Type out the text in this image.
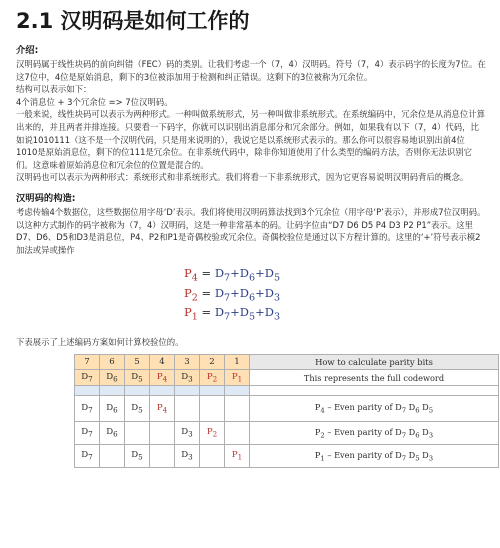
2.1 汉明码是如何工作的
介绍:

汉明码属于线性块码的前向纠错（FEC）码的类别。让我们考虑一个（7，4）汉明码。符号（7，4）表示码字的长度为7位。在这7位中，4位是原始消息，剩下的3位被添加用于检测和纠正错误。这剩下的3位被称为冗余位。

结构可以表示如下：

4个消息位 + 3个冗余位 => 7位汉明码。

一般来说，线性块码可以表示为两种形式。一种叫做系统形式，另一种叫做非系统形式。在系统编码中，冗余位是从消息位计算出来的，并且两者并排连接。只要看一下码字，你就可以识别出消息部分和冗余部分。例如，如果我有以下（7，4）代码，比如说1010111（这不是一个汉明代码，只是用来说明的），我说它是以系统形式表示的。那么你可以很容易地识别出前4位1010是原始消息位，剩下的位111是冗余位。在非系统代码中，除非你知道使用了什么类型的编码方法，否则你无法识别它们。这意味着原始消息位和冗余位的位置是混合的。

汉明码也可以表示为两种形式：系统形式和非系统形式。我们将看一下非系统形式，因为它更容易说明汉明码背后的概念。

汉明码的构造:

考虑传输4个数据位，这些数据位用字母‘D’表示。我们将使用汉明码算法找到3个冗余位（用字母‘P’表示），并形成7位汉明码。以这种方式制作的码字被称为（7，4）汉明码，这是一种非常基本的码。让码字位由“D7 D6 D5 P4 D3 P2 P1”表示。这里D7、D6、D5和D3是消息位，P4、P2和P1是奇偶校验或冗余位。奇偶校验位是通过以下方程计算的。这里的‘+’符号表示模2加法或异或操作

$P_4 = D_7+D_6+D_5$
$P_2 = D_7+D_6+D_3$
$P_1 = D_7+D_5+D_3$
下表展示了上述编码方案如何计算校验位的。
7	6	5	4	3	2	1	How to calculate parity bits
$D_7$	$D_6$	$D_5$	$P_4$	$D_3$	$P_2$	$P_1$	This represents the full codeword

$D_7$	$D_6$	$D_5$	$P_4$				$P_4$ – Even parity of $D_7$ $D_6$ $D_5$
$D_7$	$D_6$			$D_3$	$P_2$		$P_2$ – Even parity of $D_7$ $D_6$ $D_3$
$D_7$		$D_5$		$D_3$		$P_1$	$P_1$ – Even parity of $D_7$ $D_5$ $D_3$
